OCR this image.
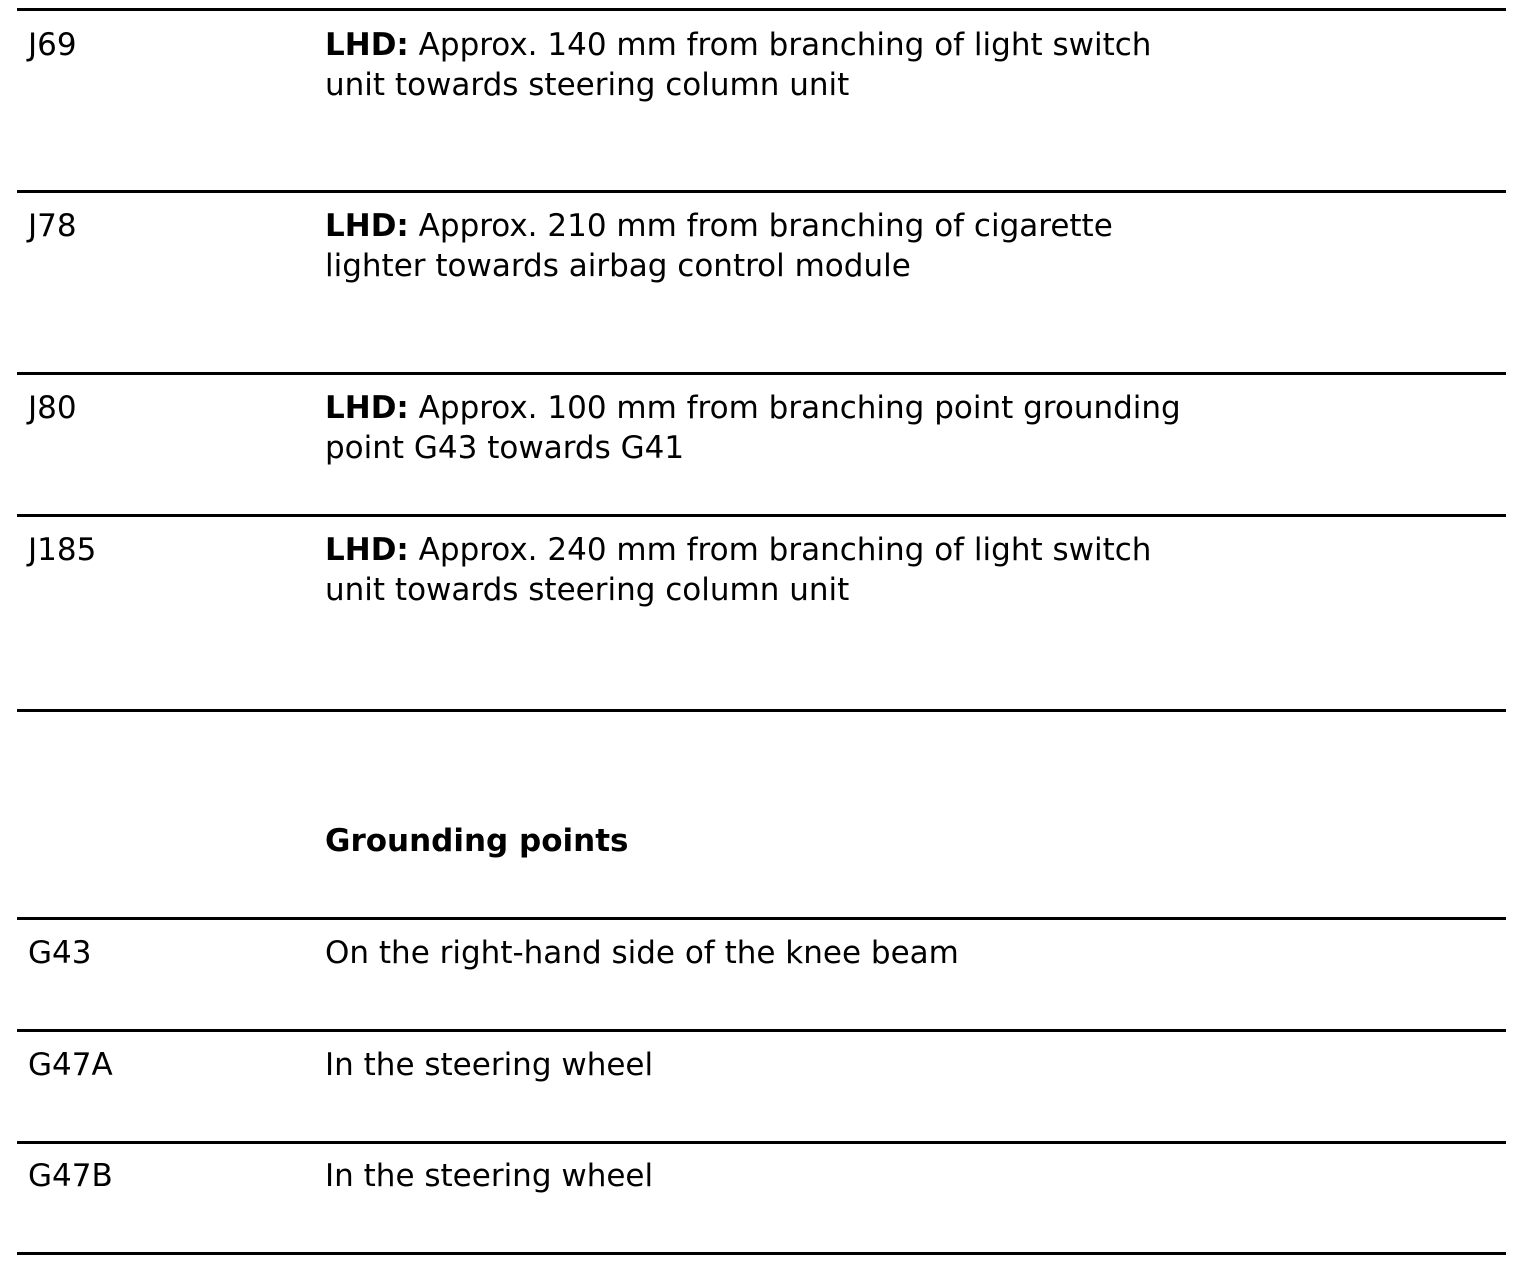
J69	LHD: Approx. 140 mm from branching of light switch
unit towards steering column unit
J78	LHD: Approx. 210 mm from branching of cigarette
lighter towards airbag control module
J80	LHD: Approx. 100 mm from branching point grounding
point G43 towards G41
J185	LHD: Approx. 240 mm from branching of light switch
unit towards steering column unit
Grounding points
G43	On the right-hand side of the knee beam
G47A	In the steering wheel
G47B	In the steering wheel
